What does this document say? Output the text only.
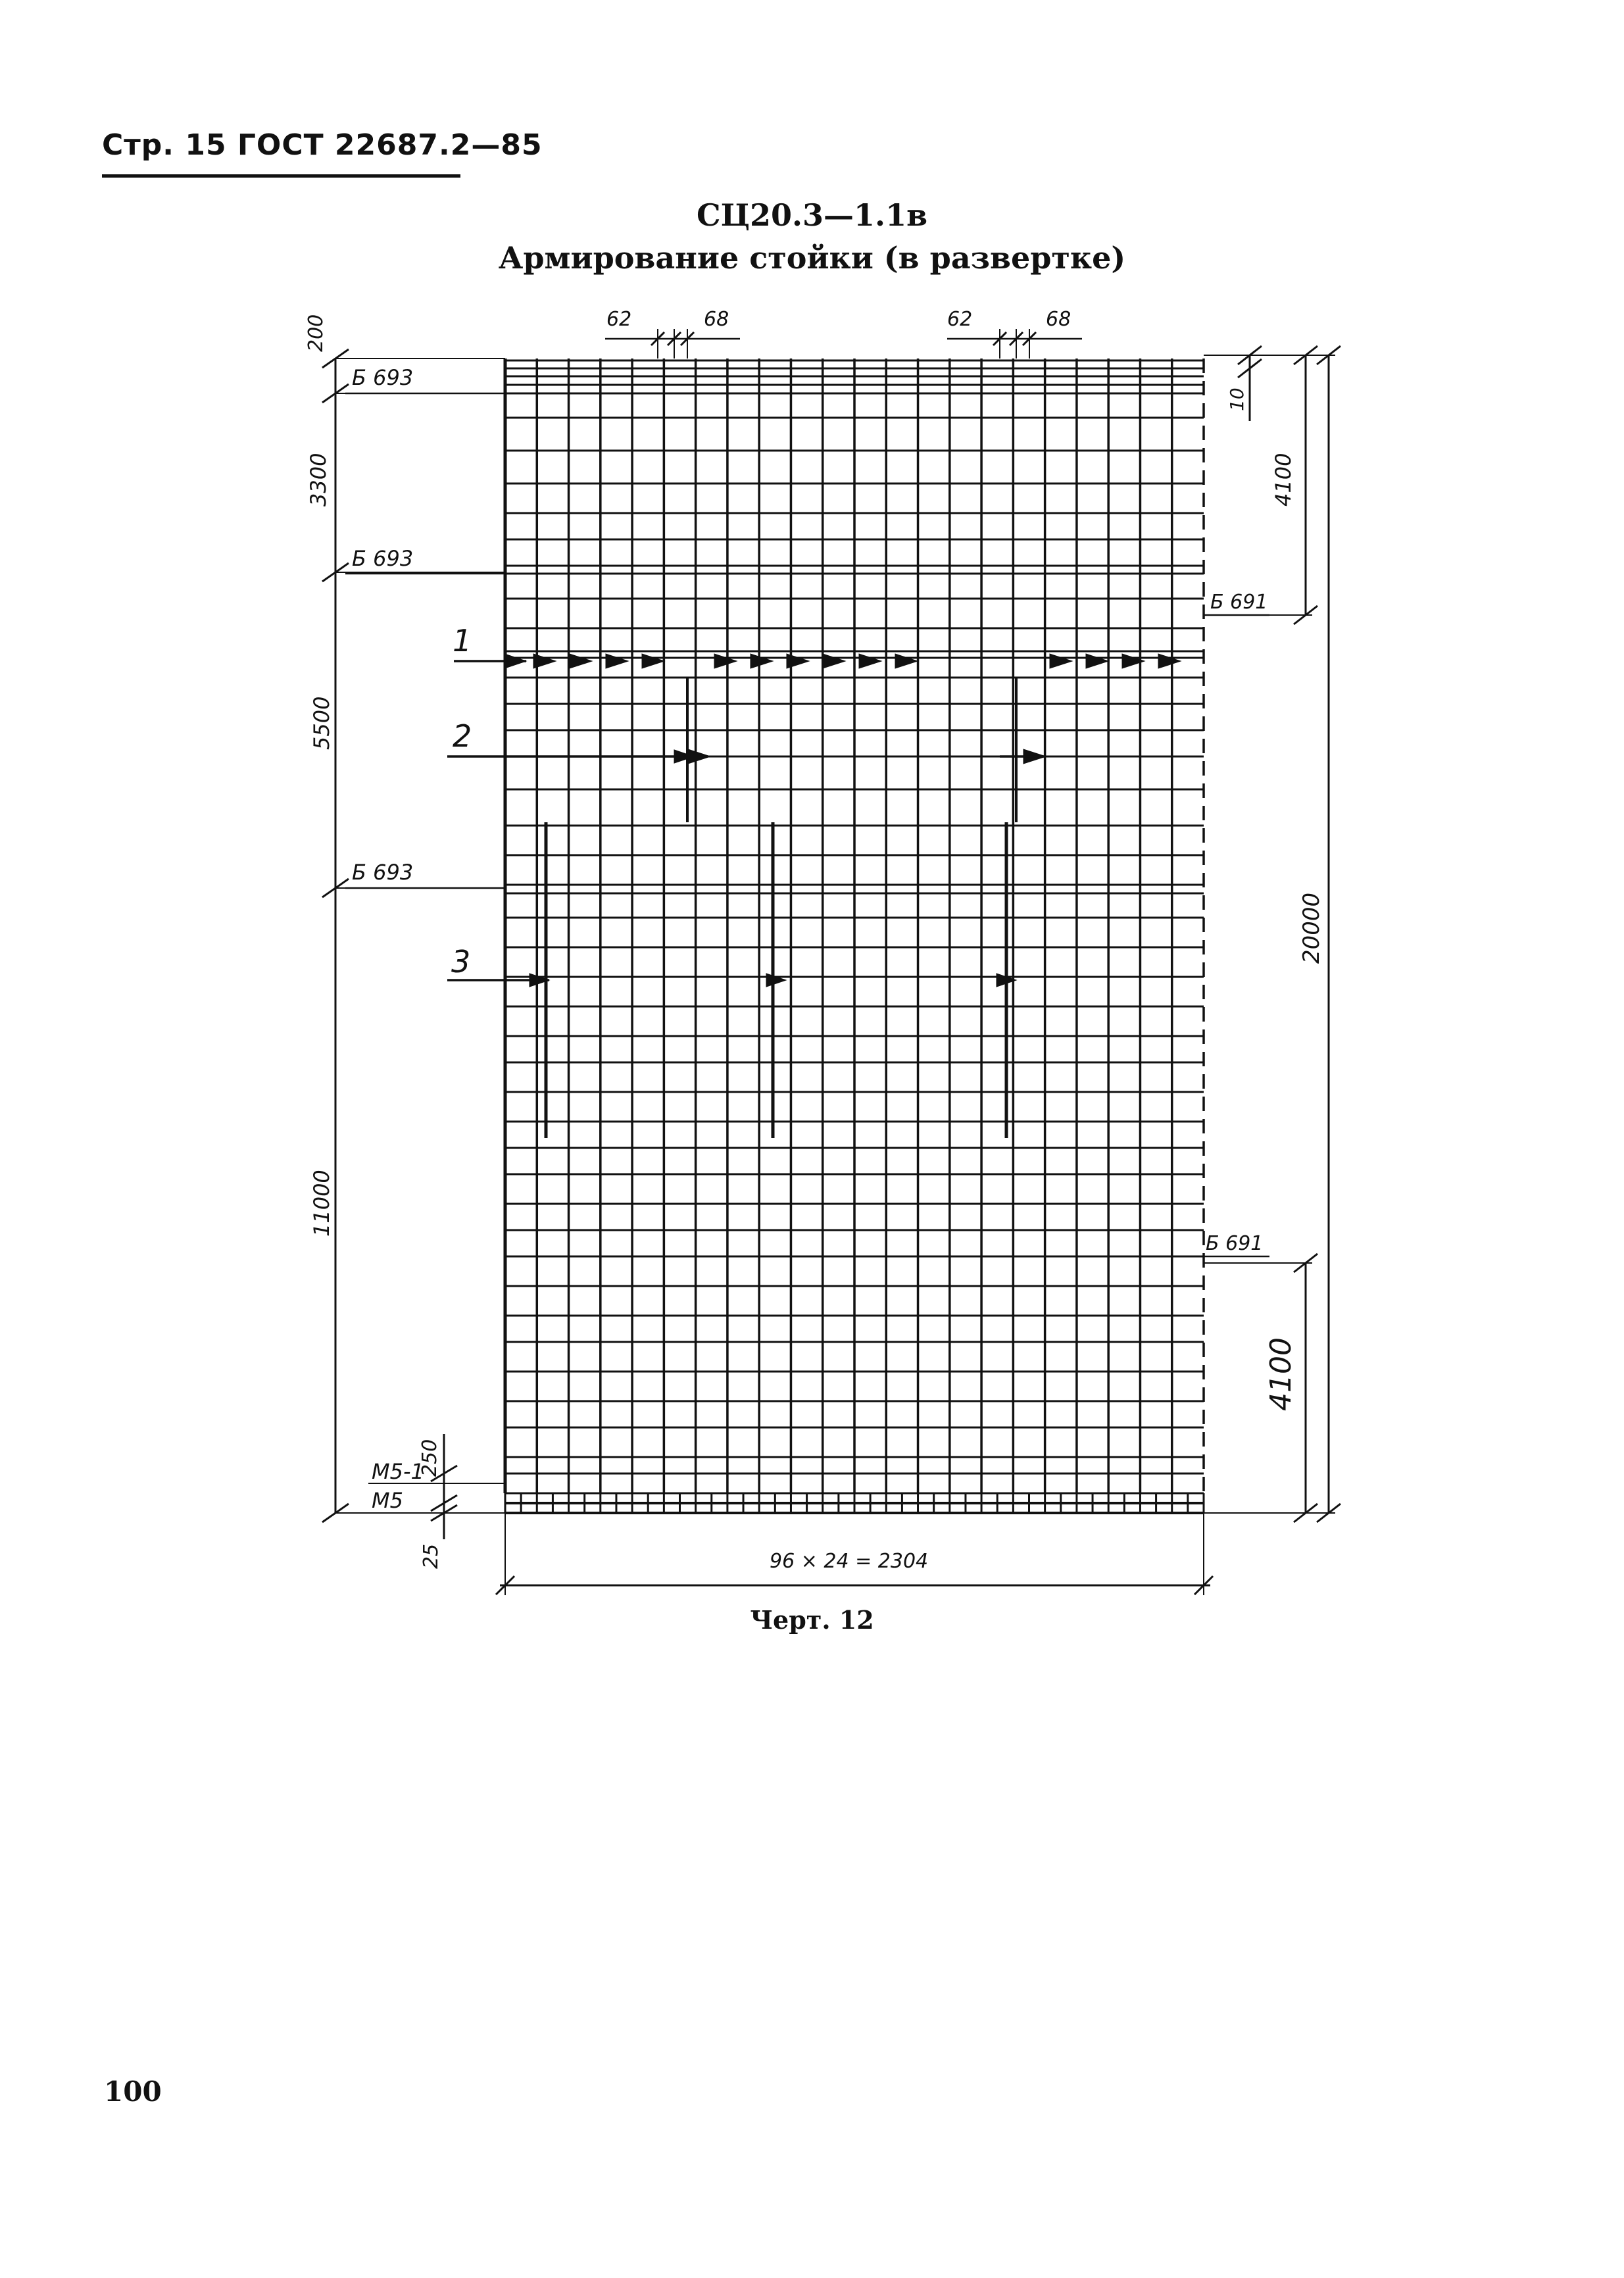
Стр. 15 ГОСТ 22687.2—85
СЦ20.3—1.1в
Армирование стойки (в развертке)
200
3300
5500
11000
250
25
Б 693
Б 693
Б 693
М5-1
М5
10
4100
20000
4100
Б 691
Б 691
62	68	62	68
96 × 24 = 2304
1
2
3
Черт. 12
100
